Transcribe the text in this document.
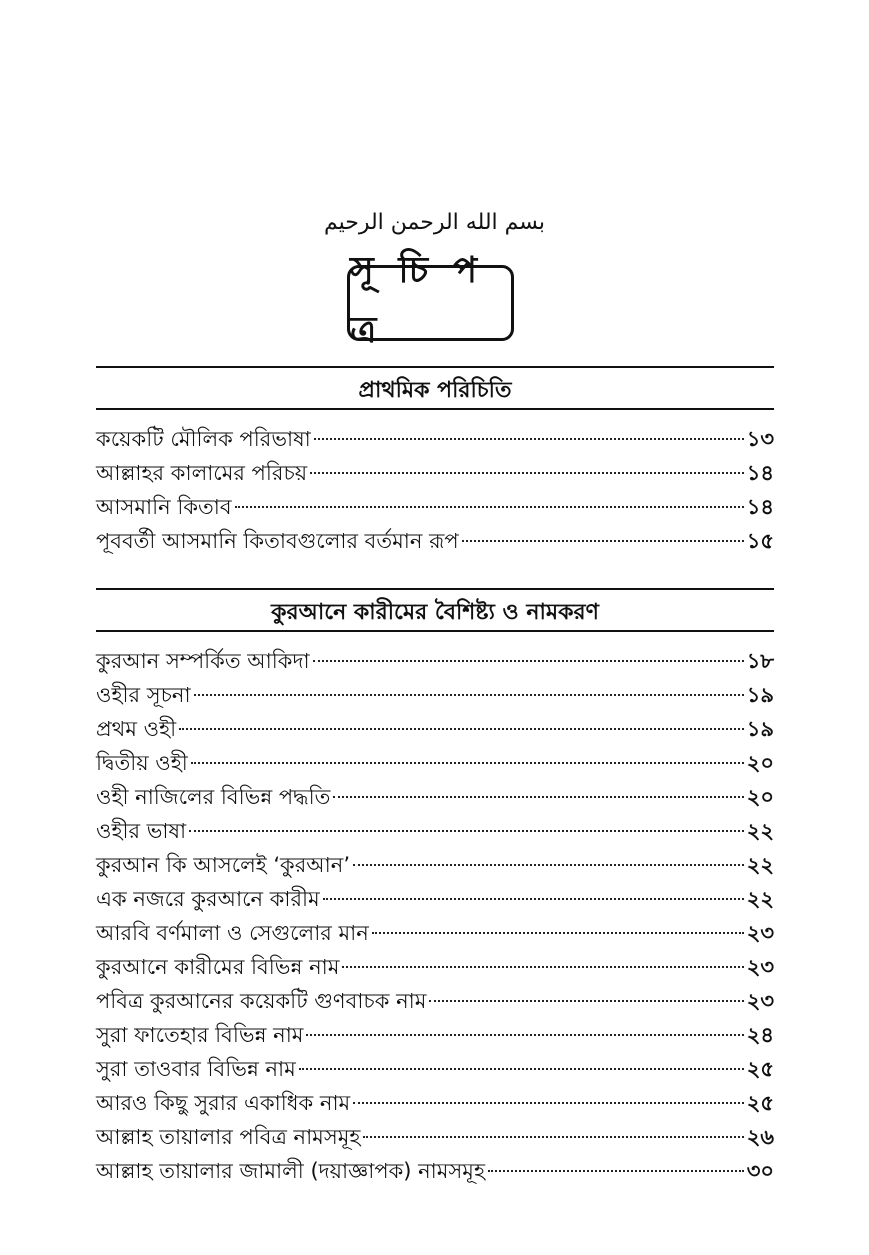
بسم الله الرحمن الرحيم
সূ চি প ত্র
প্রাথমিক পরিচিতি
কয়েকটি মৌলিক পরিভাষা	১৩
আল্লাহর কালামের পরিচয়	১৪
আসমানি কিতাব	১৪
পূববর্তী আসমানি কিতাবগুলোর বর্তমান রূপ	১৫
কুরআনে কারীমের বৈশিষ্ট্য ও নামকরণ
কুরআন সম্পর্কিত আকিদা	১৮
ওহীর সূচনা	১৯
প্রথম ওহী	১৯
দ্বিতীয় ওহী	২০
ওহী নাজিলের বিভিন্ন পদ্ধতি	২০
ওহীর ভাষা	২২
কুরআন কি আসলেই ‘কুরআন’	২২
এক নজরে কুরআনে কারীম	২২
আরবি বর্ণমালা ও সেগুলোর মান	২৩
কুরআনে কারীমের বিভিন্ন নাম	২৩
পবিত্র কুরআনের কয়েকটি গুণবাচক নাম	২৩
সুরা ফাতেহার বিভিন্ন নাম	২৪
সুরা তাওবার বিভিন্ন নাম	২৫
আরও কিছু সুরার একাধিক নাম	২৫
আল্লাহ তায়ালার পবিত্র নামসমূহ	২৬
আল্লাহ তায়ালার জামালী (দয়াজ্ঞাপক) নামসমূহ	৩০
